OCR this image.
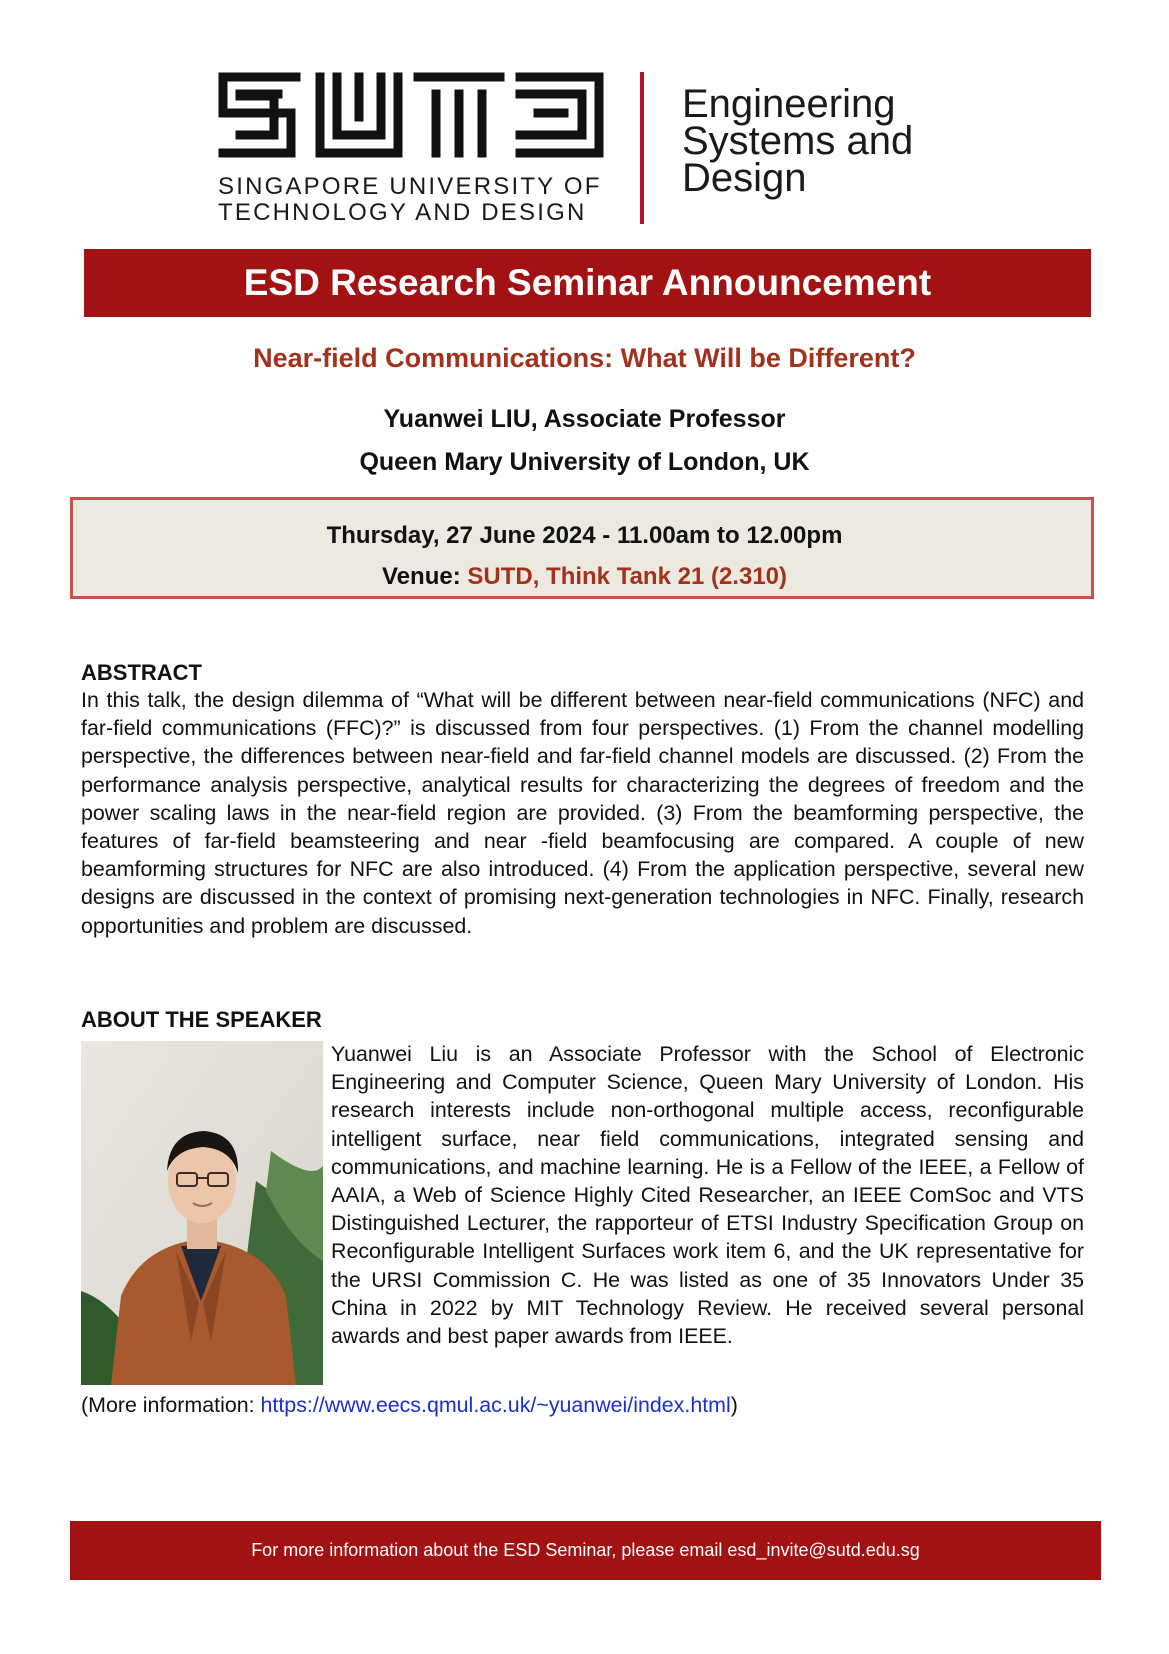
SINGAPORE UNIVERSITY OF
TECHNOLOGY AND DESIGN
Engineering
Systems and
Design
ESD Research Seminar Announcement
Near-field Communications: What Will be Different?
Yuanwei LIU, Associate Professor
Queen Mary University of London, UK
Thursday, 27 June 2024 - 11.00am to 12.00pm
Venue: SUTD, Think Tank 21 (2.310)
ABSTRACT
In this talk, the design dilemma of “What will be different between near-field communications (NFC) and far-field communications (FFC)?” is discussed from four perspectives. (1) From the channel modelling perspective, the differences between near-field and far-field channel models are discussed. (2) From the performance analysis perspective, analytical results for characterizing the degrees of freedom and the power scaling laws in the near-field region are provided. (3) From the beamforming perspective, the features of far-field beamsteering and near -field beamfocusing are compared. A couple of new beamforming structures for NFC are also introduced. (4) From the application perspective, several new designs are discussed in the context of promising next-generation technologies in NFC. Finally, research opportunities and problem are discussed.
ABOUT THE SPEAKER
Yuanwei Liu is an Associate Professor with the School of Electronic Engineering and Computer Science, Queen Mary University of London. His research interests include non-orthogonal multiple access, reconfigurable intelligent surface, near field communications, integrated sensing and communications, and machine learning. He is a Fellow of the IEEE, a Fellow of AAIA, a Web of Science Highly Cited Researcher, an IEEE ComSoc and VTS Distinguished Lecturer, the rapporteur of ETSI Industry Specification Group on Reconfigurable Intelligent Surfaces work item 6, and the UK representative for the URSI Commission C. He was listed as one of 35 Innovators Under 35 China in 2022 by MIT Technology Review. He received several personal awards and best paper awards from IEEE.
(More information: https://www.eecs.qmul.ac.uk/~yuanwei/index.html)
For more information about the ESD Seminar, please email esd_invite@sutd.edu.sg
